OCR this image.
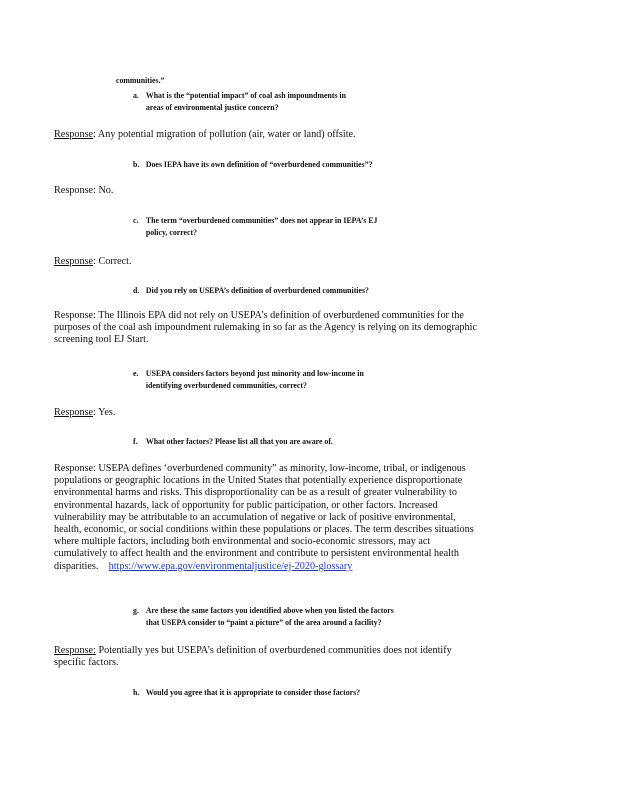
communities.”
a. What is the “potential impact” of coal ash impoundments in
areas of environmental justice concern?
Response: Any potential migration of pollution (air, water or land) offsite.
b. Does IEPA have its own definition of “overburdened communities”?
Response: No.
c. The term “overburdened communities” does not appear in IEPA’s EJ
policy, correct?
Response: Correct.
d. Did you rely on USEPA’s definition of overburdened communities?
Response: The Illinois EPA did not rely on USEPA’s definition of overburdened communities for the
purposes of the coal ash impoundment rulemaking in so far as the Agency is relying on its demographic
screening tool EJ Start.
e. USEPA considers factors beyond just minority and low-income in
identifying overburdened communities, correct?
Response: Yes.
f. What other factors? Please list all that you are aware of.
Response: USEPA defines ‘overburdened community” as minority, low-income, tribal, or indigenous
populations or geographic locations in the United States that potentially experience disproportionate
environmental harms and risks. This disproportionality can be as a result of greater vulnerability to
environmental hazards, lack of opportunity for public participation, or other factors. Increased
vulnerability may be attributable to an accumulation of negative or lack of positive environmental,
health, economic, or social conditions within these populations or places. The term describes situations
where multiple factors, including both environmental and socio-economic stressors, may act
cumulatively to affect health and the environment and contribute to persistent environmental health
disparities. https://www.epa.gov/environmentaljustice/ej-2020-glossary
g. Are these the same factors you identified above when you listed the factors
that USEPA consider to “paint a picture” of the area around a facility?
Response: Potentially yes but USEPA’s definition of overburdened communities does not identify
specific factors.
h. Would you agree that it is appropriate to consider those factors?
